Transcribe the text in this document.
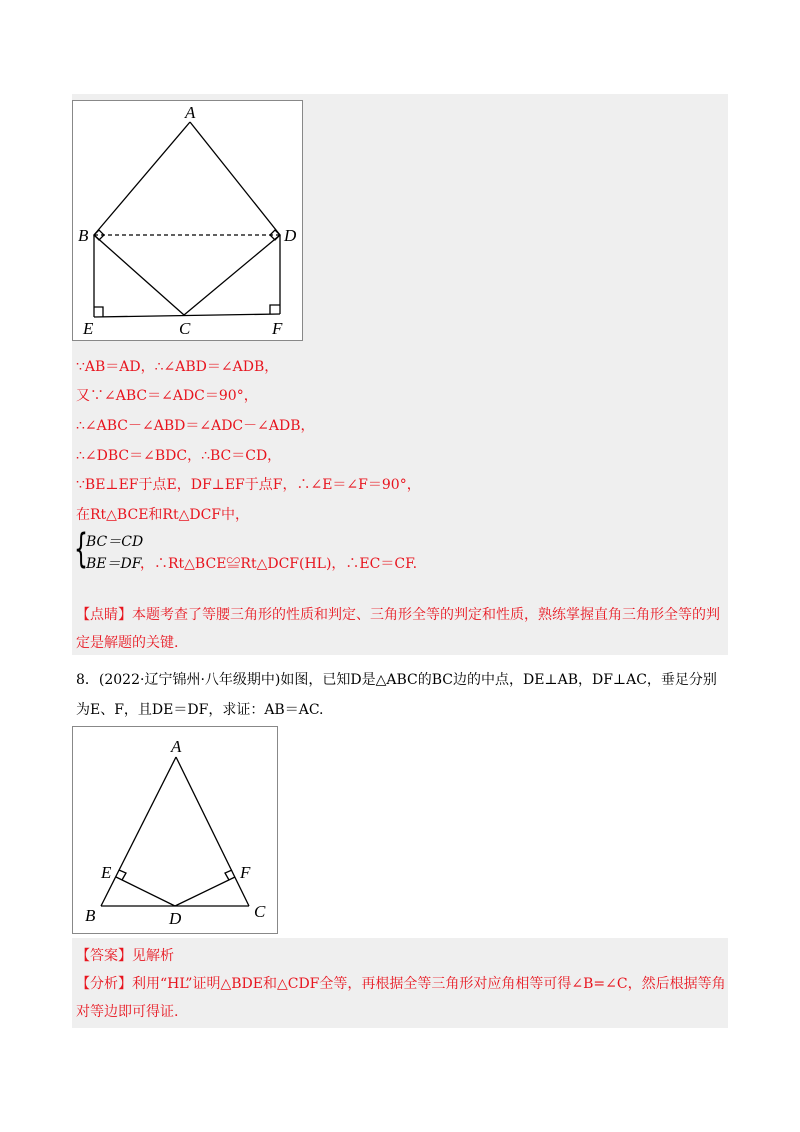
A
B	D
E	C	F
∵AB＝AD，∴∠ABD＝∠ADB，
又∵∠ABC＝∠ADC＝90°，
∴∠ABC－∠ABD＝∠ADC－∠ADB，
∴∠DBC＝∠BDC，∴BC＝CD，
∵BE⊥EF于点E，DF⊥EF于点F，∴∠E＝∠F＝90°，
在Rt△BCE和Rt△DCF中，
{
BC＝CD
BE＝DF
，∴Rt△BCE≌Rt△DCF(HL)，∴EC＝CF.
【点睛】本题考查了等腰三角形的性质和判定、三角形全等的判定和性质，熟练掌握直角三角形全等的判定是解题的关键.
8．(2022·辽宁锦州·八年级期中)如图，已知D是△ABC的BC边的中点，DE⊥AB，DF⊥AC，垂足分别为E、F，且DE＝DF，求证：AB＝AC.
A
E	F
B	D	C
【答案】见解析
【分析】利用“HL”证明△BDE和△CDF全等，再根据全等三角形对应角相等可得∠B=∠C，然后根据等角对等边即可得证.
